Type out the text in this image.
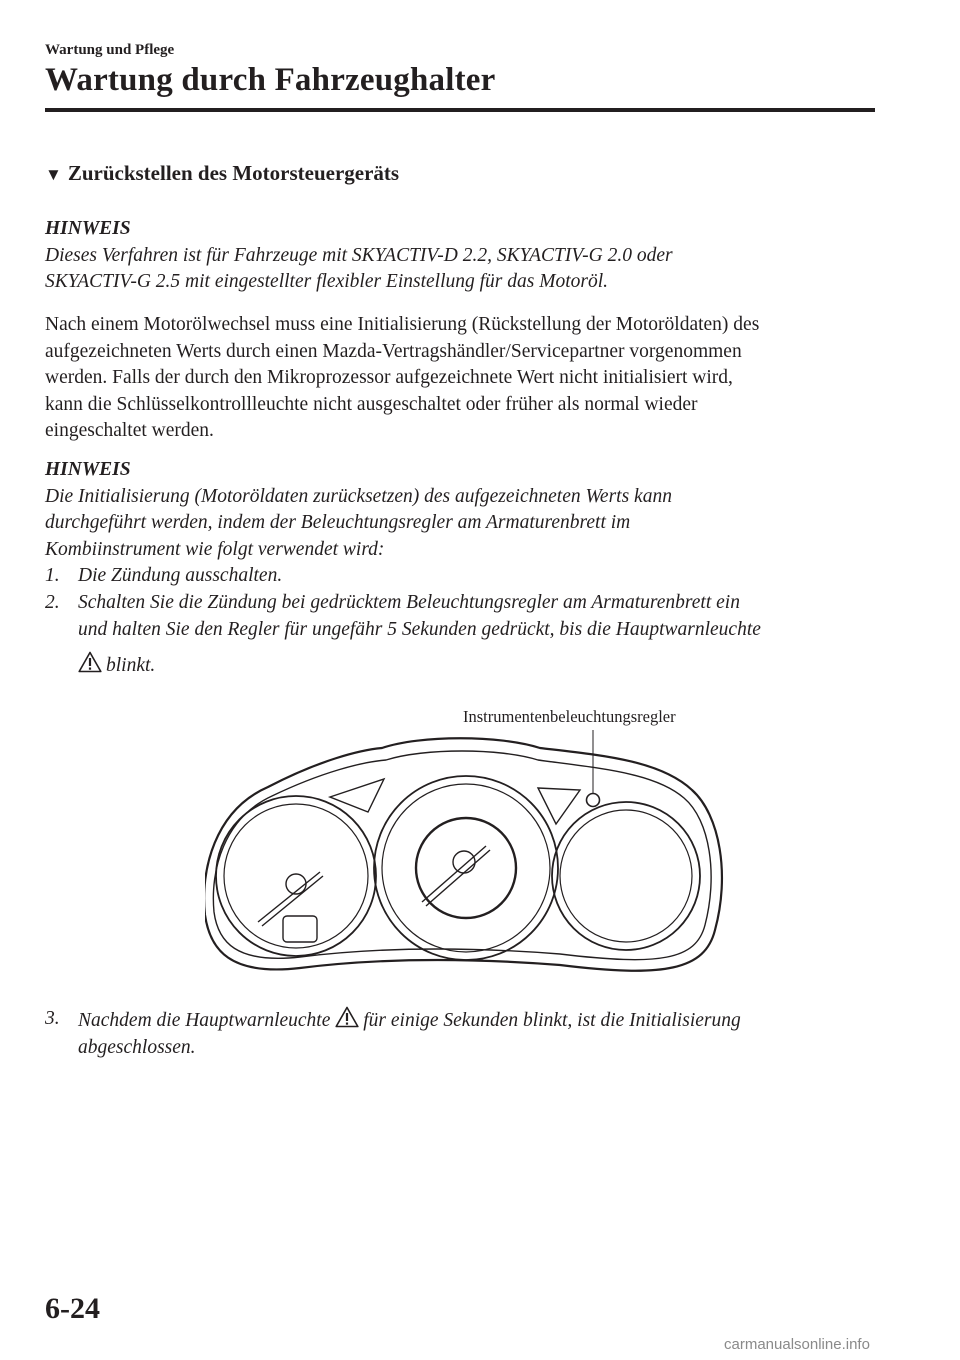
Wartung und Pflege
Wartung durch Fahrzeughalter
▼ Zurückstellen des Motorsteuergeräts
HINWEIS
Dieses Verfahren ist für Fahrzeuge mit SKYACTIV-D 2.2, SKYACTIV-G 2.0 oder
SKYACTIV-G 2.5 mit eingestellter flexibler Einstellung für das Motoröl.
Nach einem Motorölwechsel muss eine Initialisierung (Rückstellung der Motoröldaten) des
aufgezeichneten Werts durch einen Mazda-Vertragshändler/Servicepartner vorgenommen
werden. Falls der durch den Mikroprozessor aufgezeichnete Wert nicht initialisiert wird,
kann die Schlüsselkontrollleuchte nicht ausgeschaltet oder früher als normal wieder
eingeschaltet werden.
HINWEIS
Die Initialisierung (Motoröldaten zurücksetzen) des aufgezeichneten Werts kann
durchgeführt werden, indem der Beleuchtungsregler am Armaturenbrett im
Kombiinstrument wie folgt verwendet wird:
1. Die Zündung ausschalten.
2. Schalten Sie die Zündung bei gedrücktem Beleuchtungsregler am Armaturenbrett ein
und halten Sie den Regler für ungefähr 5 Sekunden gedrückt, bis die Hauptwarnleuchte
blinkt.
Instrumentenbeleuchtungsregler
3. Nachdem die Hauptwarnleuchte für einige Sekunden blinkt, ist die Initialisierung
abgeschlossen.
6-24
carmanualsonline.info
